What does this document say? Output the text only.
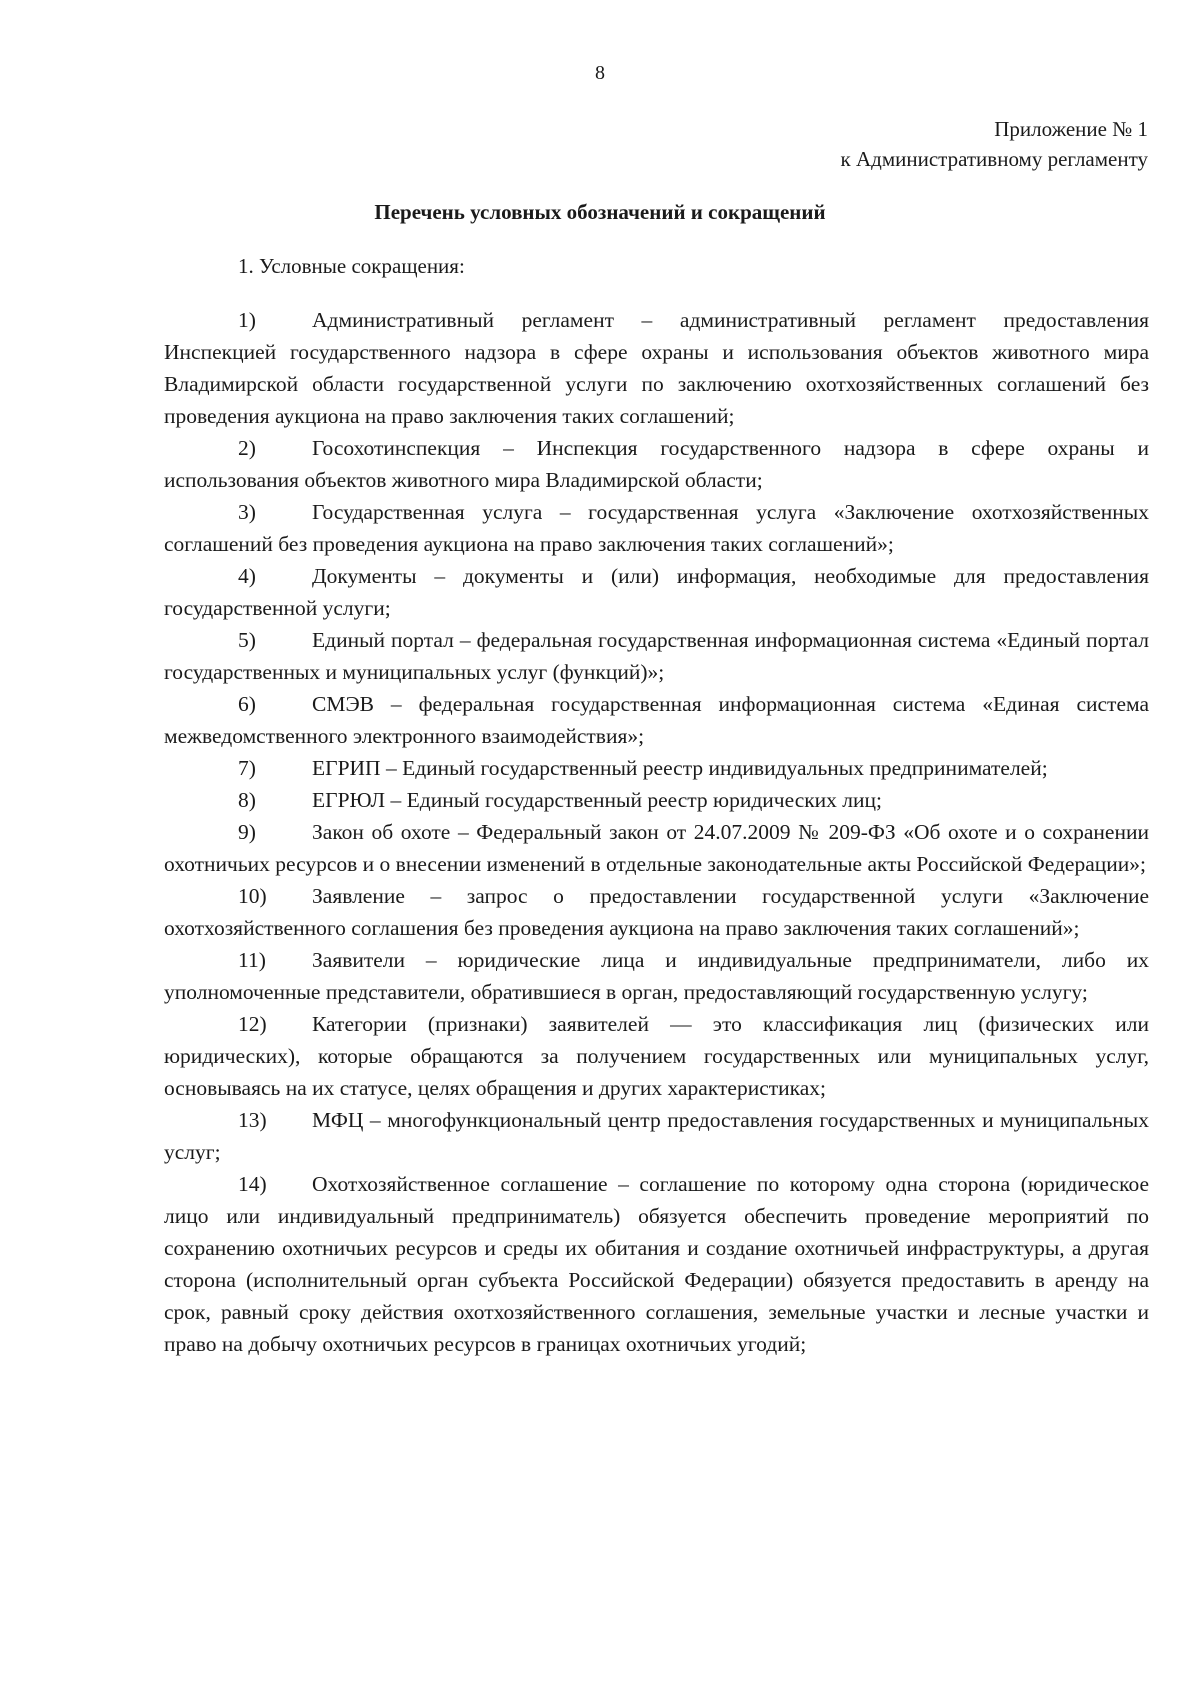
8
Приложение № 1
к Административному регламенту
Перечень условных обозначений и сокращений
1. Условные сокращения:

1)	Административный регламент – административный регламент предоставления Инспекцией государственного надзора в сфере охраны и использования объектов животного мира Владимирской области государственной услуги по заключению охотхозяйственных соглашений без проведения аукциона на право заключения таких соглашений;

2)	Госохотинспекция – Инспекция государственного надзора в сфере охраны и использования объектов животного мира Владимирской области;

3)	Государственная услуга – государственная услуга «Заключение охотхозяйственных соглашений без проведения аукциона на право заключения таких соглашений»;

4)	Документы – документы и (или) информация, необходимые для предоставления государственной услуги;

5)	Единый портал – федеральная государственная информационная система «Единый портал государственных и муниципальных услуг (функций)»;

6)	СМЭВ – федеральная государственная информационная система «Единая система межведомственного электронного взаимодействия»;

7)	ЕГРИП – Единый государственный реестр индивидуальных предпринимателей;

8)	ЕГРЮЛ – Единый государственный реестр юридических лиц;

9)	Закон об охоте – Федеральный закон от 24.07.2009 № 209-ФЗ «Об охоте и о сохранении охотничьих ресурсов и о внесении изменений в отдельные законодательные акты Российской Федерации»;

10) Заявление – запрос о предоставлении государственной услуги «Заключение охотхозяйственного соглашения без проведения аукциона на право заключения таких соглашений»;

11) Заявители – юридические лица и индивидуальные предприниматели, либо их уполномоченные представители, обратившиеся в орган, предоставляющий государственную услугу;

12) Категории (признаки) заявителей — это классификация лиц (физических или юридических), которые обращаются за получением государственных или муниципальных услуг, основываясь на их статусе, целях обращения и других характеристиках;

13) МФЦ – многофункциональный центр предоставления государственных и муниципальных услуг;

14) Охотхозяйственное соглашение – соглашение по которому одна сторона (юридическое лицо или индивидуальный предприниматель) обязуется обеспечить проведение мероприятий по сохранению охотничьих ресурсов и среды их обитания и создание охотничьей инфраструктуры, а другая сторона (исполнительный орган субъекта Российской Федерации) обязуется предоставить в аренду на срок, равный сроку действия охотхозяйственного соглашения, земельные участки и лесные участки и право на добычу охотничьих ресурсов в границах охотничьих угодий;
